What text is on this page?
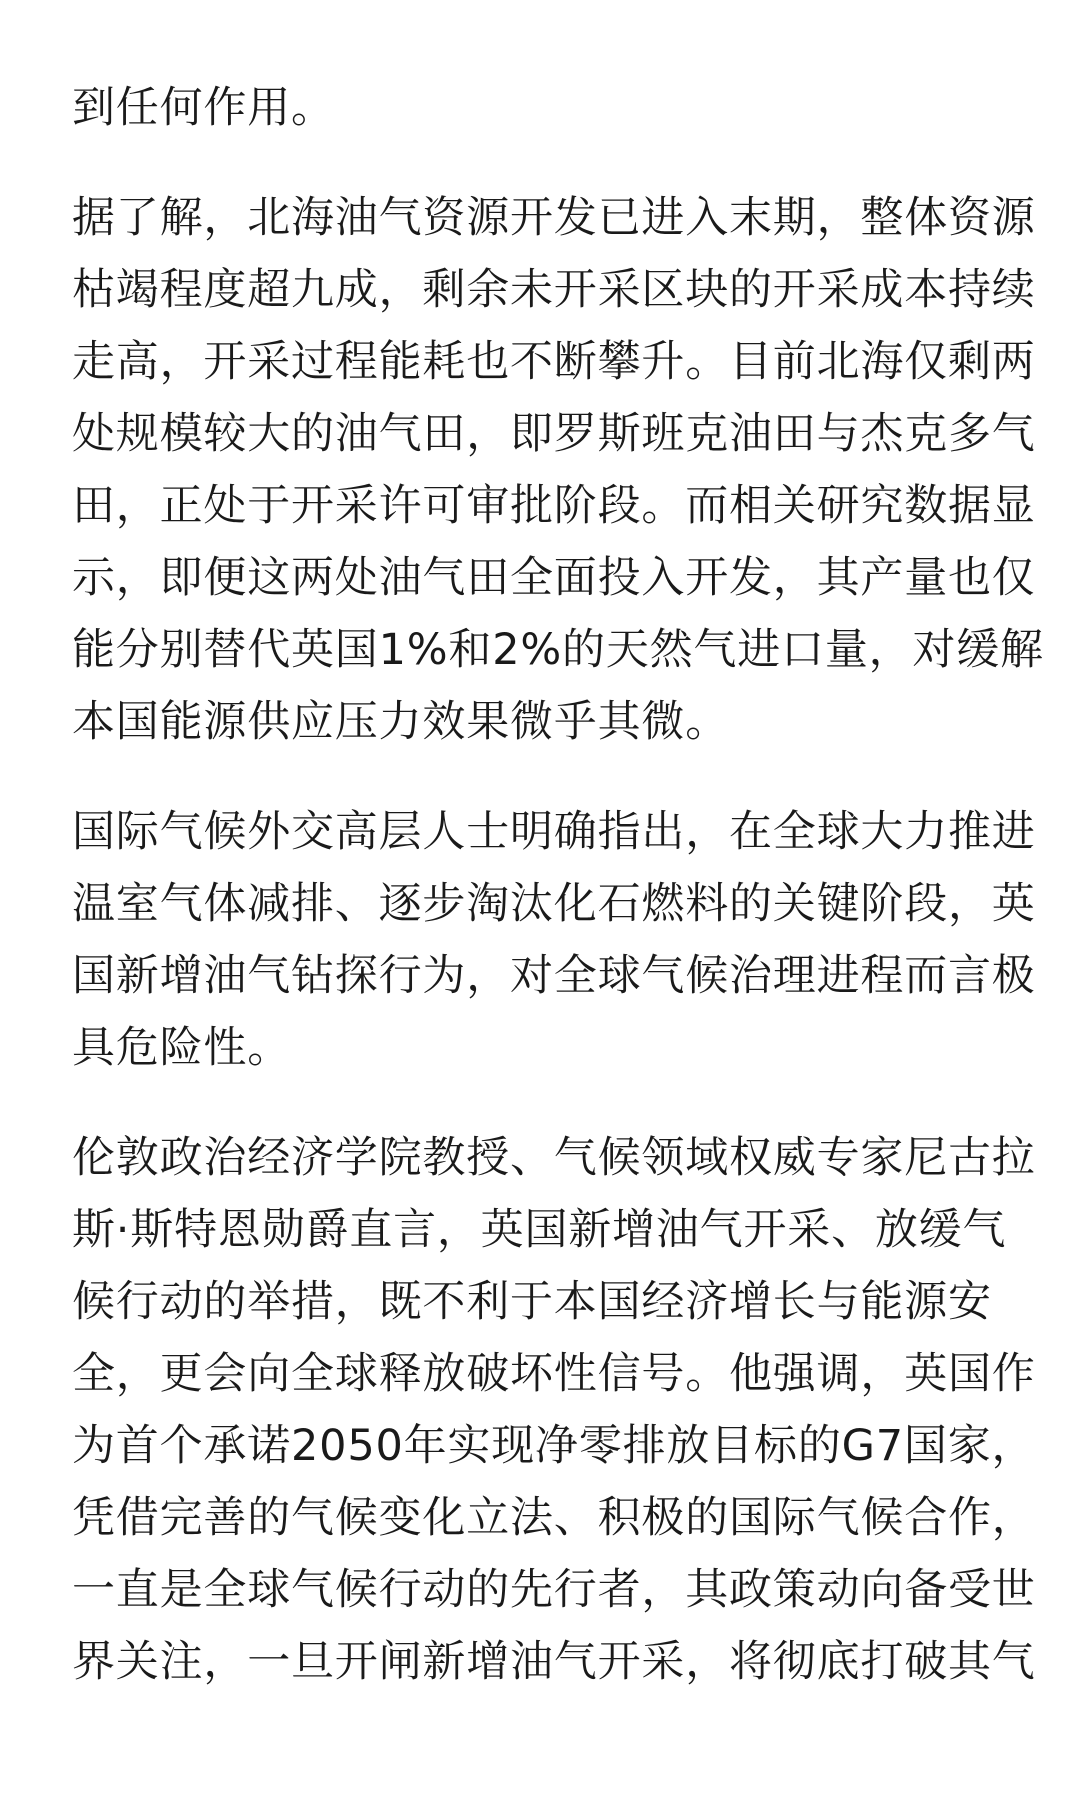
到任何作用。
据了解，北海油气资源开发已进入末期，整体资源
枯竭程度超九成，剩余未开采区块的开采成本持续
走高，开采过程能耗也不断攀升。目前北海仅剩两
处规模较大的油气田，即罗斯班克油田与杰克多气
田，正处于开采许可审批阶段。而相关研究数据显
示，即便这两处油气田全面投入开发，其产量也仅
能分别替代英国1%和2%的天然气进口量，对缓解
本国能源供应压力效果微乎其微。
国际气候外交高层人士明确指出，在全球大力推进
温室气体减排、逐步淘汰化石燃料的关键阶段，英
国新增油气钻探行为，对全球气候治理进程而言极
具危险性。
伦敦政治经济学院教授、气候领域权威专家尼古拉
斯·斯特恩勋爵直言，英国新增油气开采、放缓气
候行动的举措，既不利于本国经济增长与能源安
全，更会向全球释放破坏性信号。他强调，英国作
为首个承诺2050年实现净零排放目标的G7国家，
凭借完善的气候变化立法、积极的国际气候合作，
一直是全球气候行动的先行者，其政策动向备受世
界关注，一旦开闸新增油气开采，将彻底打破其气
